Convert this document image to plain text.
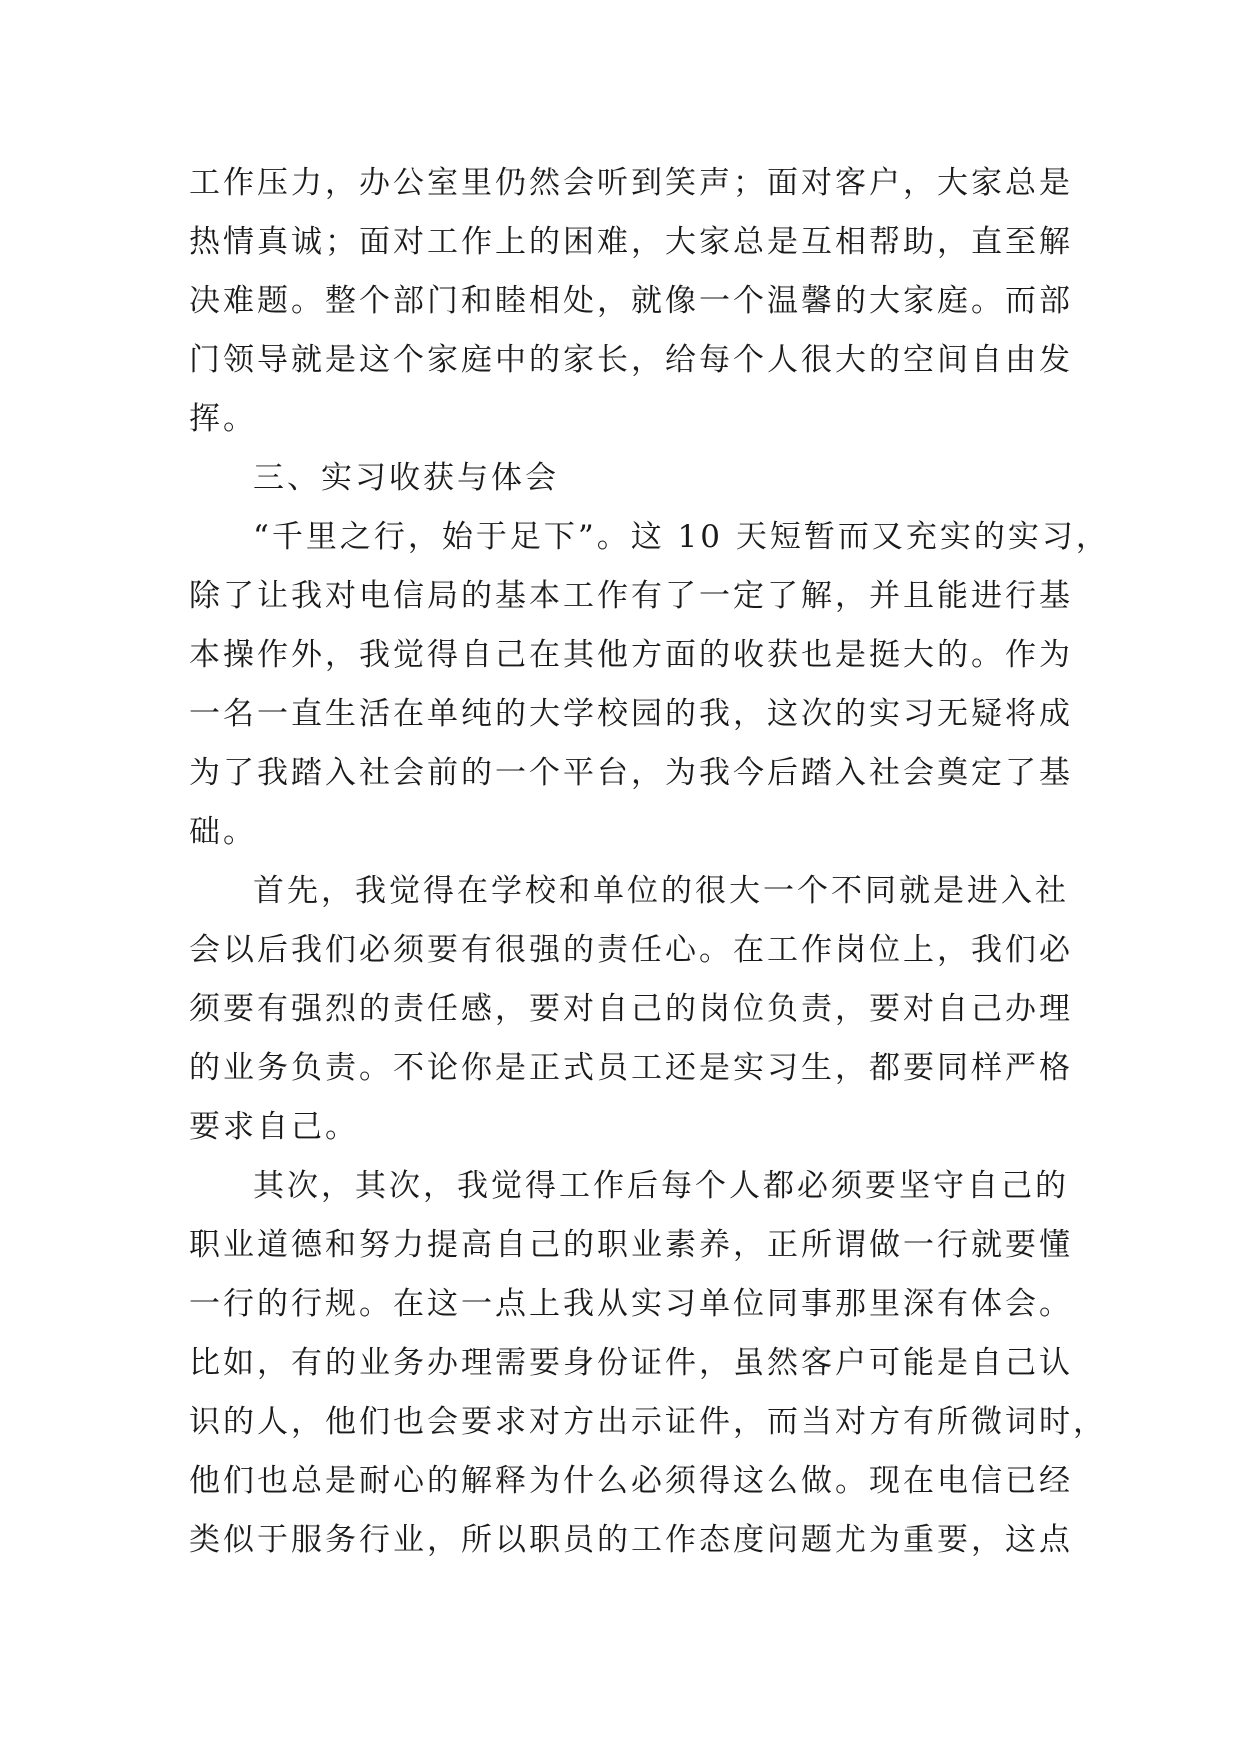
工作压力，办公室里仍然会听到笑声；面对客户，大家总是
热情真诚；面对工作上的困难，大家总是互相帮助，直至解
决难题。整个部门和睦相处，就像一个温馨的大家庭。而部
门领导就是这个家庭中的家长，给每个人很大的空间自由发
挥。
三、实习收获与体会
“千里之行，始于足下”。这 10 天短暂而又充实的实习，
除了让我对电信局的基本工作有了一定了解，并且能进行基
本操作外，我觉得自己在其他方面的收获也是挺大的。作为
一名一直生活在单纯的大学校园的我，这次的实习无疑将成
为了我踏入社会前的一个平台，为我今后踏入社会奠定了基
础。
首先，我觉得在学校和单位的很大一个不同就是进入社
会以后我们必须要有很强的责任心。在工作岗位上，我们必
须要有强烈的责任感，要对自己的岗位负责，要对自己办理
的业务负责。不论你是正式员工还是实习生，都要同样严格
要求自己。
其次，其次，我觉得工作后每个人都必须要坚守自己的
职业道德和努力提高自己的职业素养，正所谓做一行就要懂
一行的行规。在这一点上我从实习单位同事那里深有体会。
比如，有的业务办理需要身份证件，虽然客户可能是自己认
识的人，他们也会要求对方出示证件，而当对方有所微词时，
他们也总是耐心的解释为什么必须得这么做。现在电信已经
类似于服务行业，所以职员的工作态度问题尤为重要，这点
